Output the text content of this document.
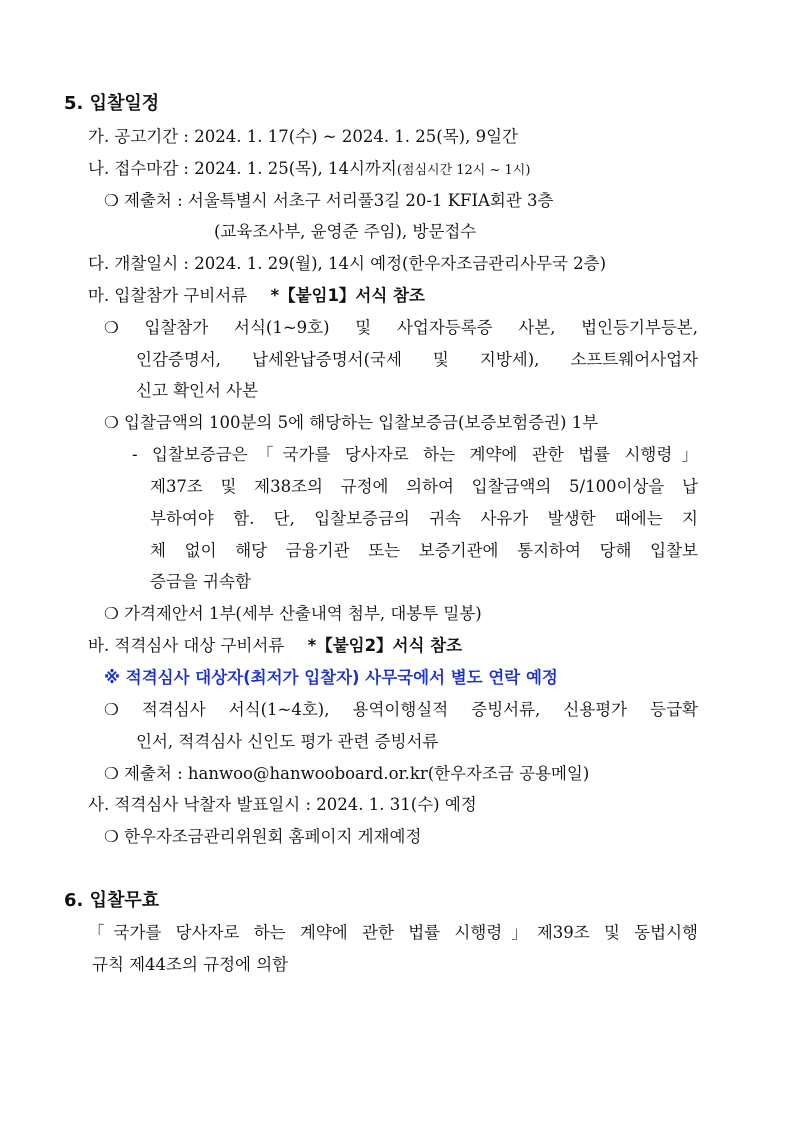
5. 입찰일정
가. 공고기간 : 2024. 1. 17(수) ~ 2024. 1. 25(목), 9일간
나. 접수마감 : 2024. 1. 25(목), 14시까지(점심시간 12시 ~ 1시)
❍ 제출처 : 서울특별시 서초구 서리풀3길 20-1 KFIA회관 3층
(교육조사부, 윤영준 주임), 방문접수
다. 개찰일시 : 2024. 1. 29(월), 14시 예정(한우자조금관리사무국 2층)
마. 입찰참가 구비서류 *【붙임1】서식 참조
❍ 입찰참가 서식(1~9호) 및 사업자등록증 사본, 법인등기부등본,
인감증명서, 납세완납증명서(국세 및 지방세), 소프트웨어사업자
신고 확인서 사본
❍ 입찰금액의 100분의 5에 해당하는 입찰보증금(보증보험증권) 1부
- 입찰보증금은「국가를 당사자로 하는 계약에 관한 법률 시행령」
제37조 및 제38조의 규정에 의하여 입찰금액의 5/100이상을 납
부하여야 함. 단, 입찰보증금의 귀속 사유가 발생한 때에는 지
체 없이 해당 금융기관 또는 보증기관에 통지하여 당해 입찰보
증금을 귀속함
❍ 가격제안서 1부(세부 산출내역 첨부, 대봉투 밀봉)
바. 적격심사 대상 구비서류 *【붙임2】서식 참조
※ 적격심사 대상자(최저가 입찰자) 사무국에서 별도 연락 예정
❍ 적격심사 서식(1~4호), 용역이행실적 증빙서류, 신용평가 등급확
인서, 적격심사 신인도 평가 관련 증빙서류
❍ 제출처 : hanwoo@hanwooboard.or.kr(한우자조금 공용메일)
사. 적격심사 낙찰자 발표일시 : 2024. 1. 31(수) 예정
❍ 한우자조금관리위원회 홈페이지 게재예정
6. 입찰무효
「국가를 당사자로 하는 계약에 관한 법률 시행령」제39조 및 동법시행
규칙 제44조의 규정에 의함
